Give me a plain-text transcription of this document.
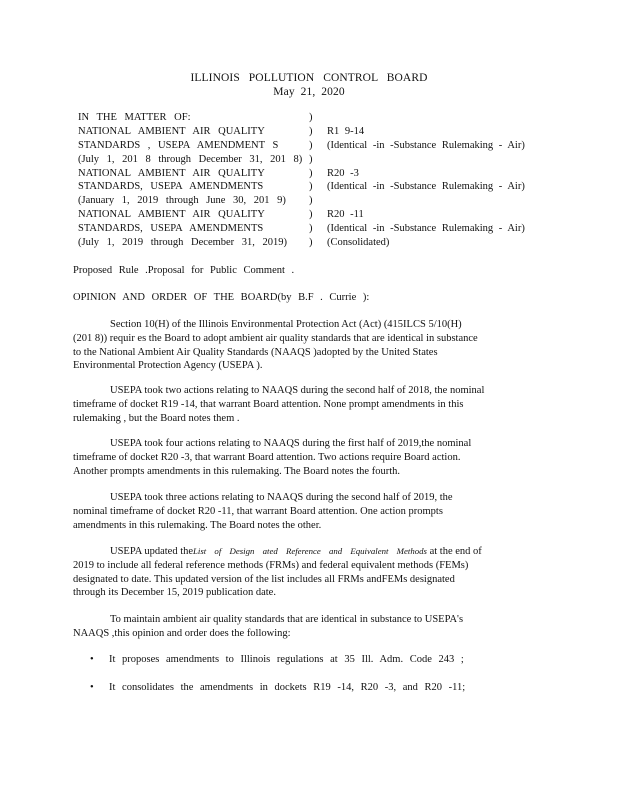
ILLINOIS POLLUTION CONTROL BOARD
May 21, 2020
IN THE MATTER OF:	)
NATIONAL AMBIENT AIR QUALITY	) R1 9-14
STANDARDS , USEPA AMENDMENT S	) (Identical -in -Substance Rulemaking - Air)
(July 1, 201 8 through December 31, 201 8) )
NATIONAL AMBIENT AIR QUALITY	) R20 -3
STANDARDS, USEPA AMENDMENTS	) (Identical -in -Substance Rulemaking - Air)
(January 1, 2019 through June 30, 201 9) )
NATIONAL AMBIENT AIR QUALITY	) R20 -11
STANDARDS, USEPA AMENDMENTS	) (Identical -in -Substance Rulemaking - Air)
(July 1, 2019 through December 31, 2019) ) (Consolidated)
Proposed Rule .Proposal for Public Comment .
OPINION AND ORDER OF THE BOARD(by B.F . Currie ):

Section 10(H) of the Illinois Environmental Protection Act (Act) (415ILCS 5/10(H)

(201 8)) requir es the Board to adopt ambient air quality standards that are identical in substance

to the National Ambient Air Quality Standards (NAAQS )adopted by the United States

Environmental Protection Agency (USEPA ).

USEPA took two actions relating to NAAQS during the second half of 2018, the nominal

timeframe of docket R19 -14, that warrant Board attention. None prompt amendments in this

rulemaking , but the Board notes them .

USEPA took four actions relating to NAAQS during the first half of 2019,the nominal

timeframe of docket R20 -3, that warrant Board attention. Two actions require Board action.

Another prompts amendments in this rulemaking. The Board notes the fourth.

USEPA took three actions relating to NAAQS during the second half of 2019, the

nominal timeframe of docket R20 -11, that warrant Board attention. One action prompts

amendments in this rulemaking. The Board notes the other.

USEPA updated theList of Design ated Reference and Equivalent Methods at the end of

2019 to include all federal reference methods (FRMs) and federal equivalent methods (FEMs)

designated to date. This updated version of the list includes all FRMs andFEMs designated

through its December 15, 2019 publication date.

To maintain ambient air quality standards that are identical in substance to USEPA's

NAAQS ,this opinion and order does the following:

• It proposes amendments to Illinois regulations at 35 Ill. Adm. Code 243 ;
• It consolidates the amendments in dockets R19 -14, R20 -3, and R20 -11;
